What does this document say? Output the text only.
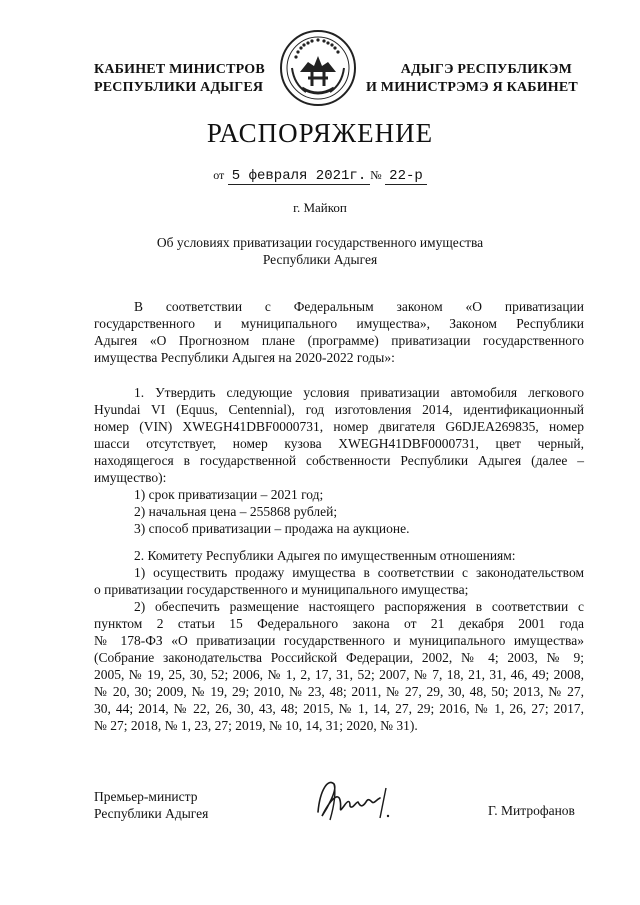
КАБИНЕТ МИНИСТРОВ
РЕСПУБЛИКИ АДЫГЕЯ
АДЫГЭ РЕСПУБЛИКЭМ
И МИНИСТРЭМЭ Я КАБИНЕТ
РАСПОРЯЖЕНИЕ
от 5 февраля 2021г. № 22-р
г. Майкоп
Об условиях приватизации государственного имущества
Республики Адыгея
В соответствии с Федеральным законом «О приватизации
государственного и муниципального имущества», Законом Республики
Адыгея «О Прогнозном плане (программе) приватизации государственного
имущества Республики Адыгея на 2020-2022 годы»:
1. Утвердить следующие условия приватизации автомобиля легкового
Hyundai VI (Equus, Centennial), год изготовления 2014, идентификационный
номер (VIN) XWEGH41DBF0000731, номер двигателя G6DJEA269835, номер
шасси отсутствует, номер кузова XWEGH41DBF0000731, цвет черный,
находящегося в государственной собственности Республики Адыгея (далее –
имущество):
1) срок приватизации – 2021 год;
2) начальная цена – 255868 рублей;
3) способ приватизации – продажа на аукционе.
2. Комитету Республики Адыгея по имущественным отношениям:
1) осуществить продажу имущества в соответствии с законодательством
о приватизации государственного и муниципального имущества;
2) обеспечить размещение настоящего распоряжения в соответствии с
пунктом 2 статьи 15 Федерального закона от 21 декабря 2001 года
№ 178-ФЗ «О приватизации государственного и муниципального имущества»
(Собрание законодательства Российской Федерации, 2002, № 4; 2003, № 9;
2005, № 19, 25, 30, 52; 2006, № 1, 2, 17, 31, 52; 2007, № 7, 18, 21, 31, 46, 49; 2008,
№ 20, 30; 2009, № 19, 29; 2010, № 23, 48; 2011, № 27, 29, 30, 48, 50; 2013, № 27,
30, 44; 2014, № 22, 26, 30, 43, 48; 2015, № 1, 14, 27, 29; 2016, № 1, 26, 27; 2017,
№ 27; 2018, № 1, 23, 27; 2019, № 10, 14, 31; 2020, № 31).
Премьер-министр
Республики Адыгея	Г. Митрофанов
